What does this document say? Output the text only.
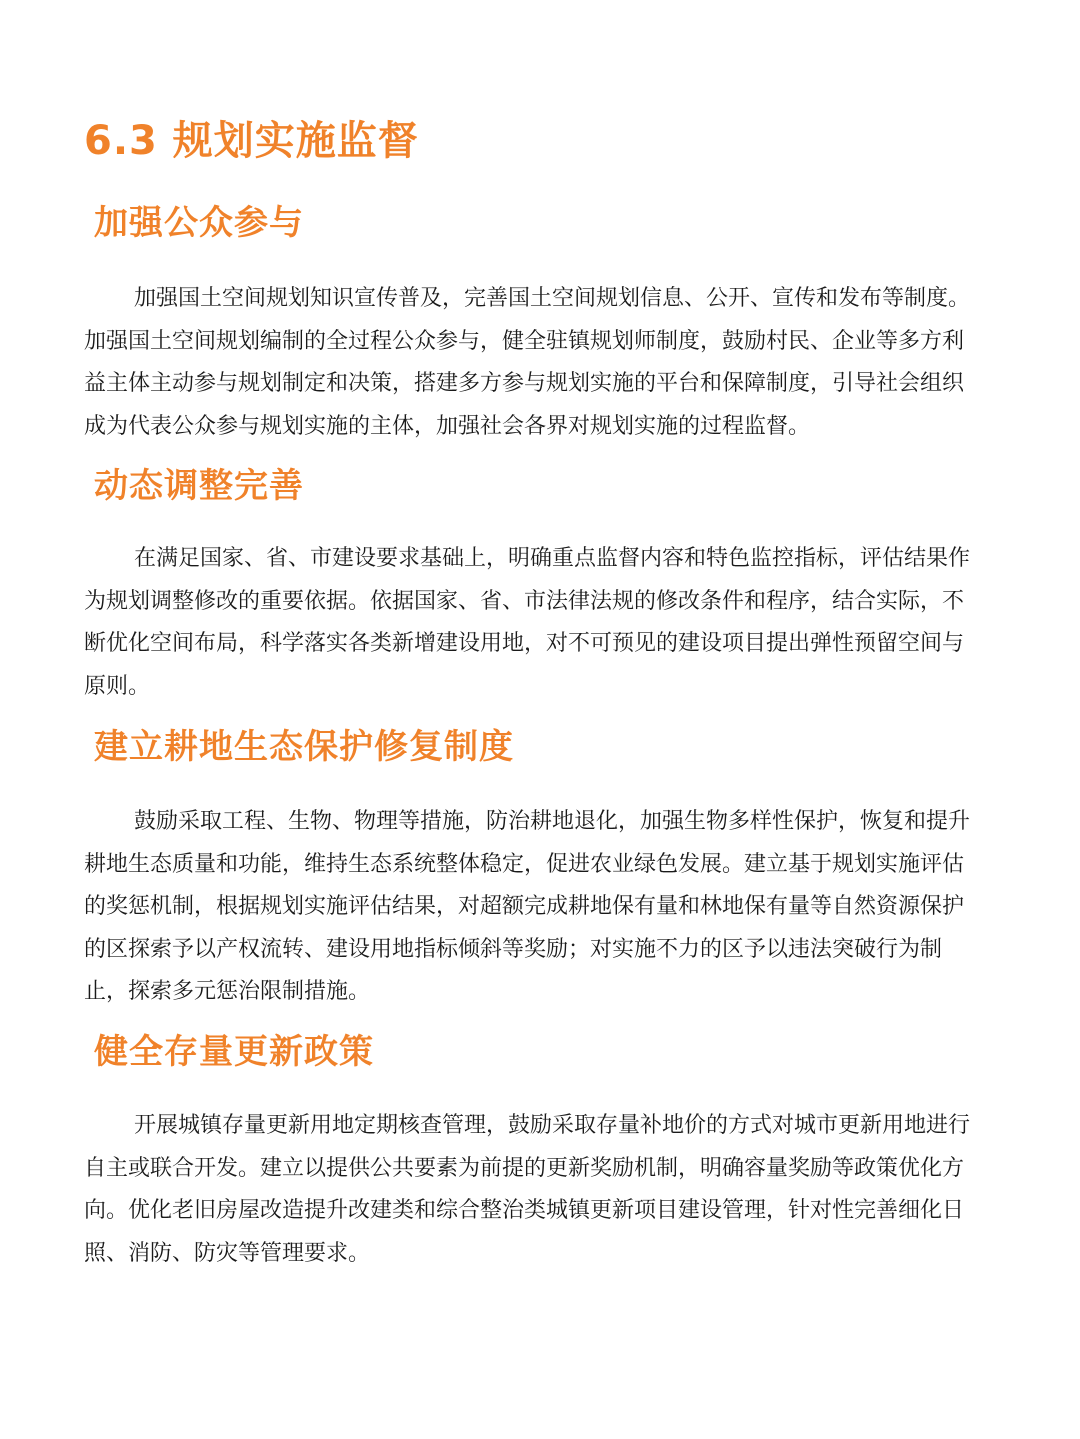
6.3 规划实施监督
加强公众参与

加强国土空间规划知识宣传普及，完善国土空间规划信息、公开、宣传和发布等制度。加强国土空间规划编制的全过程公众参与，健全驻镇规划师制度，鼓励村民、企业等多方利益主体主动参与规划制定和决策，搭建多方参与规划实施的平台和保障制度，引导社会组织成为代表公众参与规划实施的主体，加强社会各界对规划实施的过程监督。

动态调整完善

在满足国家、省、市建设要求基础上，明确重点监督内容和特色监控指标，评估结果作为规划调整修改的重要依据。依据国家、省、市法律法规的修改条件和程序，结合实际，不断优化空间布局，科学落实各类新增建设用地，对不可预见的建设项目提出弹性预留空间与原则。

建立耕地生态保护修复制度

鼓励采取工程、生物、物理等措施，防治耕地退化，加强生物多样性保护，恢复和提升耕地生态质量和功能，维持生态系统整体稳定，促进农业绿色发展。建立基于规划实施评估的奖惩机制，根据规划实施评估结果，对超额完成耕地保有量和林地保有量等自然资源保护的区探索予以产权流转、建设用地指标倾斜等奖励；对实施不力的区予以违法突破行为制止，探索多元惩治限制措施。

健全存量更新政策

开展城镇存量更新用地定期核查管理，鼓励采取存量补地价的方式对城市更新用地进行自主或联合开发。建立以提供公共要素为前提的更新奖励机制，明确容量奖励等政策优化方向。优化老旧房屋改造提升改建类和综合整治类城镇更新项目建设管理，针对性完善细化日照、消防、防灾等管理要求。
